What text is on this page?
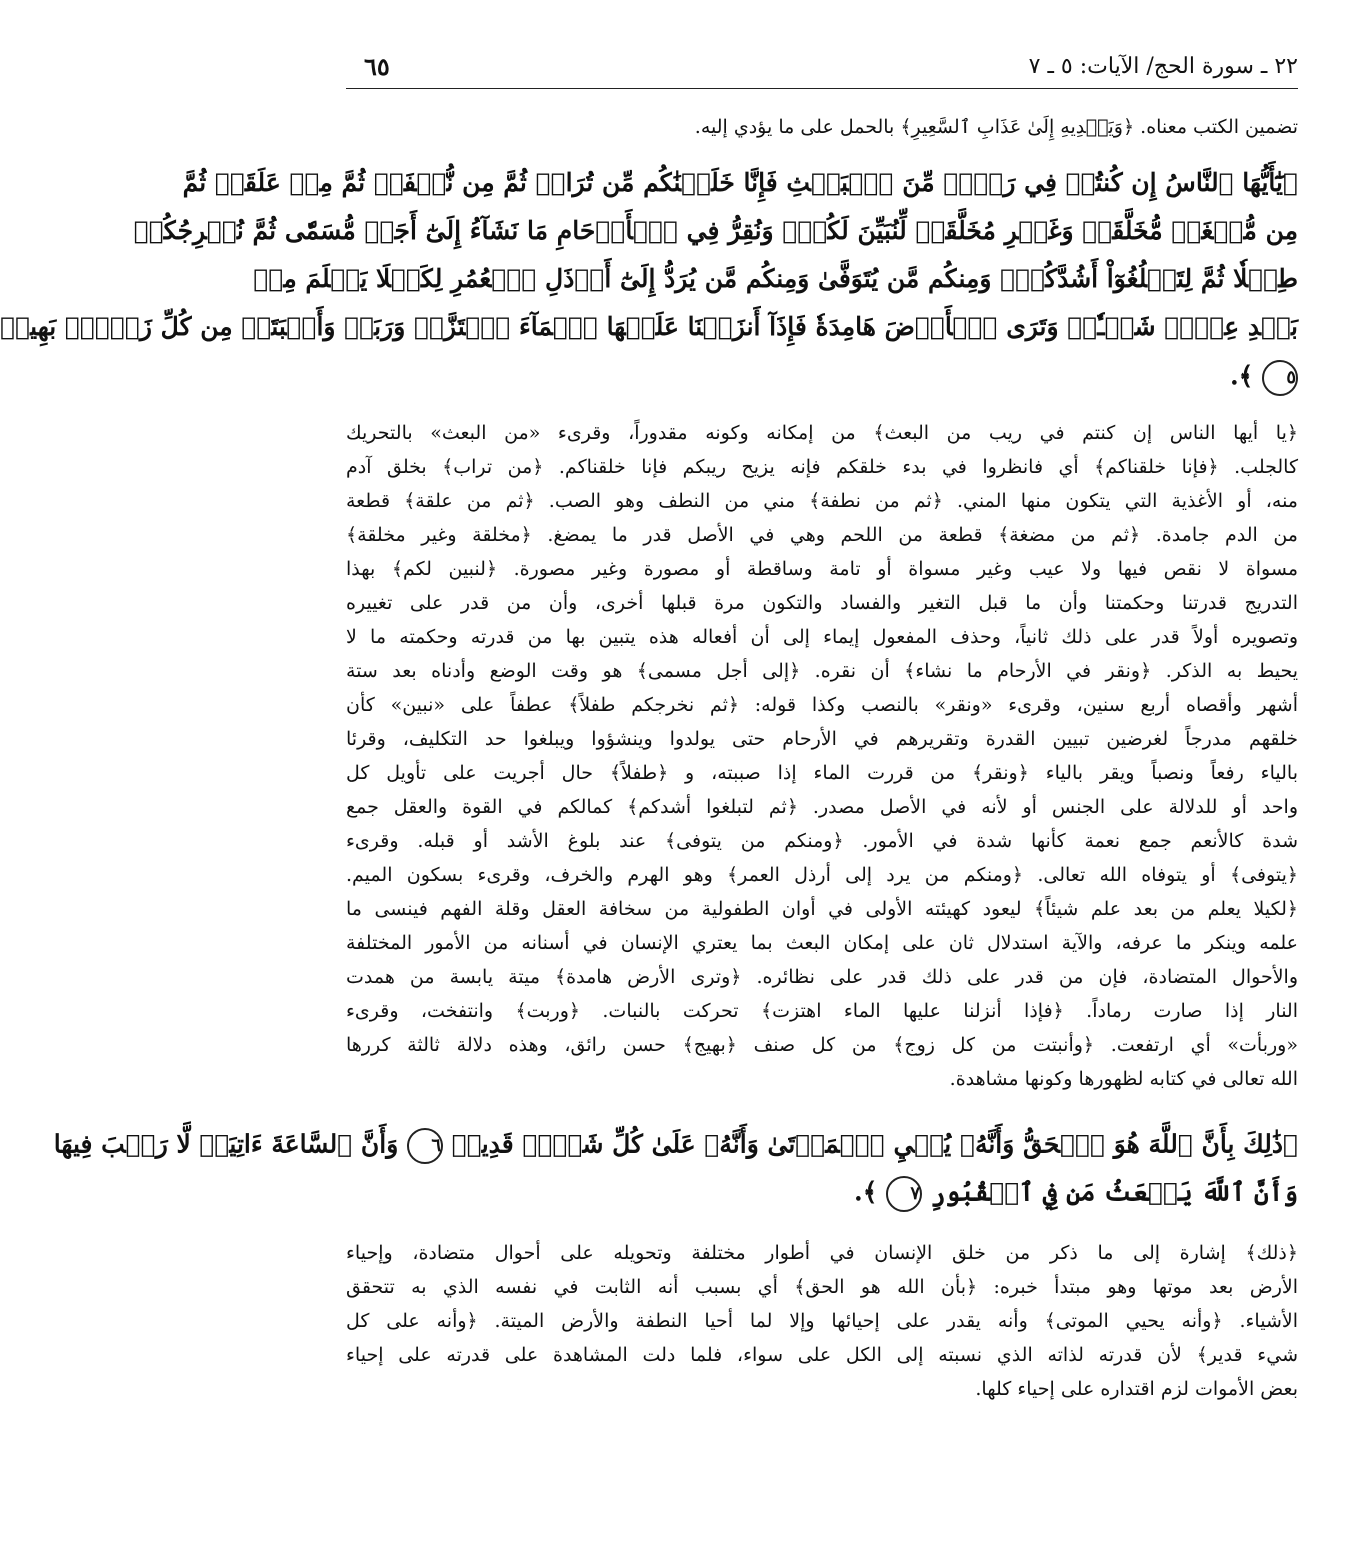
٢٢ ـ سورة الحج/ الآيات: ٥ ـ ٧
٦٥
تضمين الكتب معناه. ﴿وَيَهۡدِيهِ إِلَىٰ عَذَابِ ٱلسَّعِيرِ﴾ بالحمل على ما يؤدي إليه.
﴿يَٰٓأَيُّهَا ٱلنَّاسُ إِن كُنتُمۡ فِي رَيۡبٖ مِّنَ ٱلۡبَعۡثِ فَإِنَّا خَلَقۡنَٰكُم مِّن تُرَابٖ ثُمَّ مِن نُّطۡفَةٖ ثُمَّ مِنۡ عَلَقَةٖ ثُمَّ
مِن مُّضۡغَةٖ مُّخَلَّقَةٖ وَغَيۡرِ مُخَلَّقَةٖ لِّنُبَيِّنَ لَكُمۡۚ وَنُقِرُّ فِي ٱلۡأَرۡحَامِ مَا نَشَآءُ إِلَىٰٓ أَجَلٖ مُّسَمّٗى ثُمَّ نُخۡرِجُكُمۡ
طِفۡلٗا ثُمَّ لِتَبۡلُغُوٓاْ أَشُدَّكُمۡۖ وَمِنكُم مَّن يُتَوَفَّىٰ وَمِنكُم مَّن يُرَدُّ إِلَىٰٓ أَرۡذَلِ ٱلۡعُمُرِ لِكَيۡلَا يَعۡلَمَ مِنۢ
بَعۡدِ عِلۡمٖ شَيۡـٔٗاۚ وَتَرَى ٱلۡأَرۡضَ هَامِدَةٗ فَإِذَآ أَنزَلۡنَا عَلَيۡهَا ٱلۡمَآءَ ٱهۡتَزَّتۡ وَرَبَتۡ وَأَنۢبَتَتۡ مِن كُلِّ زَوۡجِۭ بَهِيجٖ
٥ ﴾.
﴿يا أيها الناس إن كنتم في ريب من البعث﴾ من إمكانه وكونه مقدوراً، وقرىء «من البعث» بالتحريك
كالجلب. ﴿فإنا خلقناكم﴾ أي فانظروا في بدء خلقكم فإنه يزيح ريبكم فإنا خلقناكم. ﴿من تراب﴾ بخلق آدم
منه، أو الأغذية التي يتكون منها المني. ﴿ثم من نطفة﴾ مني من النطف وهو الصب. ﴿ثم من علقة﴾ قطعة
من الدم جامدة. ﴿ثم من مضغة﴾ قطعة من اللحم وهي في الأصل قدر ما يمضغ. ﴿مخلقة وغير مخلقة﴾
مسواة لا نقص فيها ولا عيب وغير مسواة أو تامة وساقطة أو مصورة وغير مصورة. ﴿لنبين لكم﴾ بهذا
التدريج قدرتنا وحكمتنا وأن ما قبل التغير والفساد والتكون مرة قبلها أخرى، وأن من قدر على تغييره
وتصويره أولاً قدر على ذلك ثانياً، وحذف المفعول إيماء إلى أن أفعاله هذه يتبين بها من قدرته وحكمته ما لا
يحيط به الذكر. ﴿ونقر في الأرحام ما نشاء﴾ أن نقره. ﴿إلى أجل مسمى﴾ هو وقت الوضع وأدناه بعد ستة
أشهر وأقصاه أربع سنين، وقرىء «ونقر» بالنصب وكذا قوله: ﴿ثم نخرجكم طفلاً﴾ عطفاً على «نبين» كأن
خلقهم مدرجاً لغرضين تبيين القدرة وتقريرهم في الأرحام حتى يولدوا وينشؤوا ويبلغوا حد التكليف، وقرئا
بالياء رفعاً ونصباً ويقر بالياء ﴿ونقر﴾ من قررت الماء إذا صببته، و ﴿طفلاً﴾ حال أجريت على تأويل كل
واحد أو للدلالة على الجنس أو لأنه في الأصل مصدر. ﴿ثم لتبلغوا أشدكم﴾ كمالكم في القوة والعقل جمع
شدة كالأنعم جمع نعمة كأنها شدة في الأمور. ﴿ومنكم من يتوفى﴾ عند بلوغ الأشد أو قبله. وقرىء
﴿يتوفى﴾ أو يتوفاه الله تعالى. ﴿ومنكم من يرد إلى أرذل العمر﴾ وهو الهرم والخرف، وقرىء بسكون الميم.
﴿لكيلا يعلم من بعد علم شيئاً﴾ ليعود كهيئته الأولى في أوان الطفولية من سخافة العقل وقلة الفهم فينسى ما
علمه وينكر ما عرفه، والآية استدلال ثان على إمكان البعث بما يعتري الإنسان في أسنانه من الأمور المختلفة
والأحوال المتضادة، فإن من قدر على ذلك قدر على نظائره. ﴿وترى الأرض هامدة﴾ ميتة يابسة من همدت
النار إذا صارت رماداً. ﴿فإذا أنزلنا عليها الماء اهتزت﴾ تحركت بالنبات. ﴿وربت﴾ وانتفخت، وقرىء
«وربأت» أي ارتفعت. ﴿وأنبتت من كل زوج﴾ من كل صنف ﴿بهيج﴾ حسن رائق، وهذه دلالة ثالثة كررها
الله تعالى في كتابه لظهورها وكونها مشاهدة.
﴿ذَٰلِكَ بِأَنَّ ٱللَّهَ هُوَ ٱلۡحَقُّ وَأَنَّهُۥ يُحۡيِ ٱلۡمَوۡتَىٰ وَأَنَّهُۥ عَلَىٰ كُلِّ شَيۡءٖ قَدِيرٞ ٦ وَأَنَّ ٱلسَّاعَةَ ءَاتِيَةٞ لَّا رَيۡبَ فِيهَا
وَأَنَّ ٱللَّهَ يَبۡعَثُ مَن فِي ٱلۡقُبُورِ ٧ ﴾.
﴿ذلك﴾ إشارة إلى ما ذكر من خلق الإنسان في أطوار مختلفة وتحويله على أحوال متضادة، وإحياء
الأرض بعد موتها وهو مبتدأ خبره: ﴿بأن الله هو الحق﴾ أي بسبب أنه الثابت في نفسه الذي به تتحقق
الأشياء. ﴿وأنه يحيي الموتى﴾ وأنه يقدر على إحيائها وإلا لما أحيا النطفة والأرض الميتة. ﴿وأنه على كل
شيء قدير﴾ لأن قدرته لذاته الذي نسبته إلى الكل على سواء، فلما دلت المشاهدة على قدرته على إحياء
بعض الأموات لزم اقتداره على إحياء كلها.
